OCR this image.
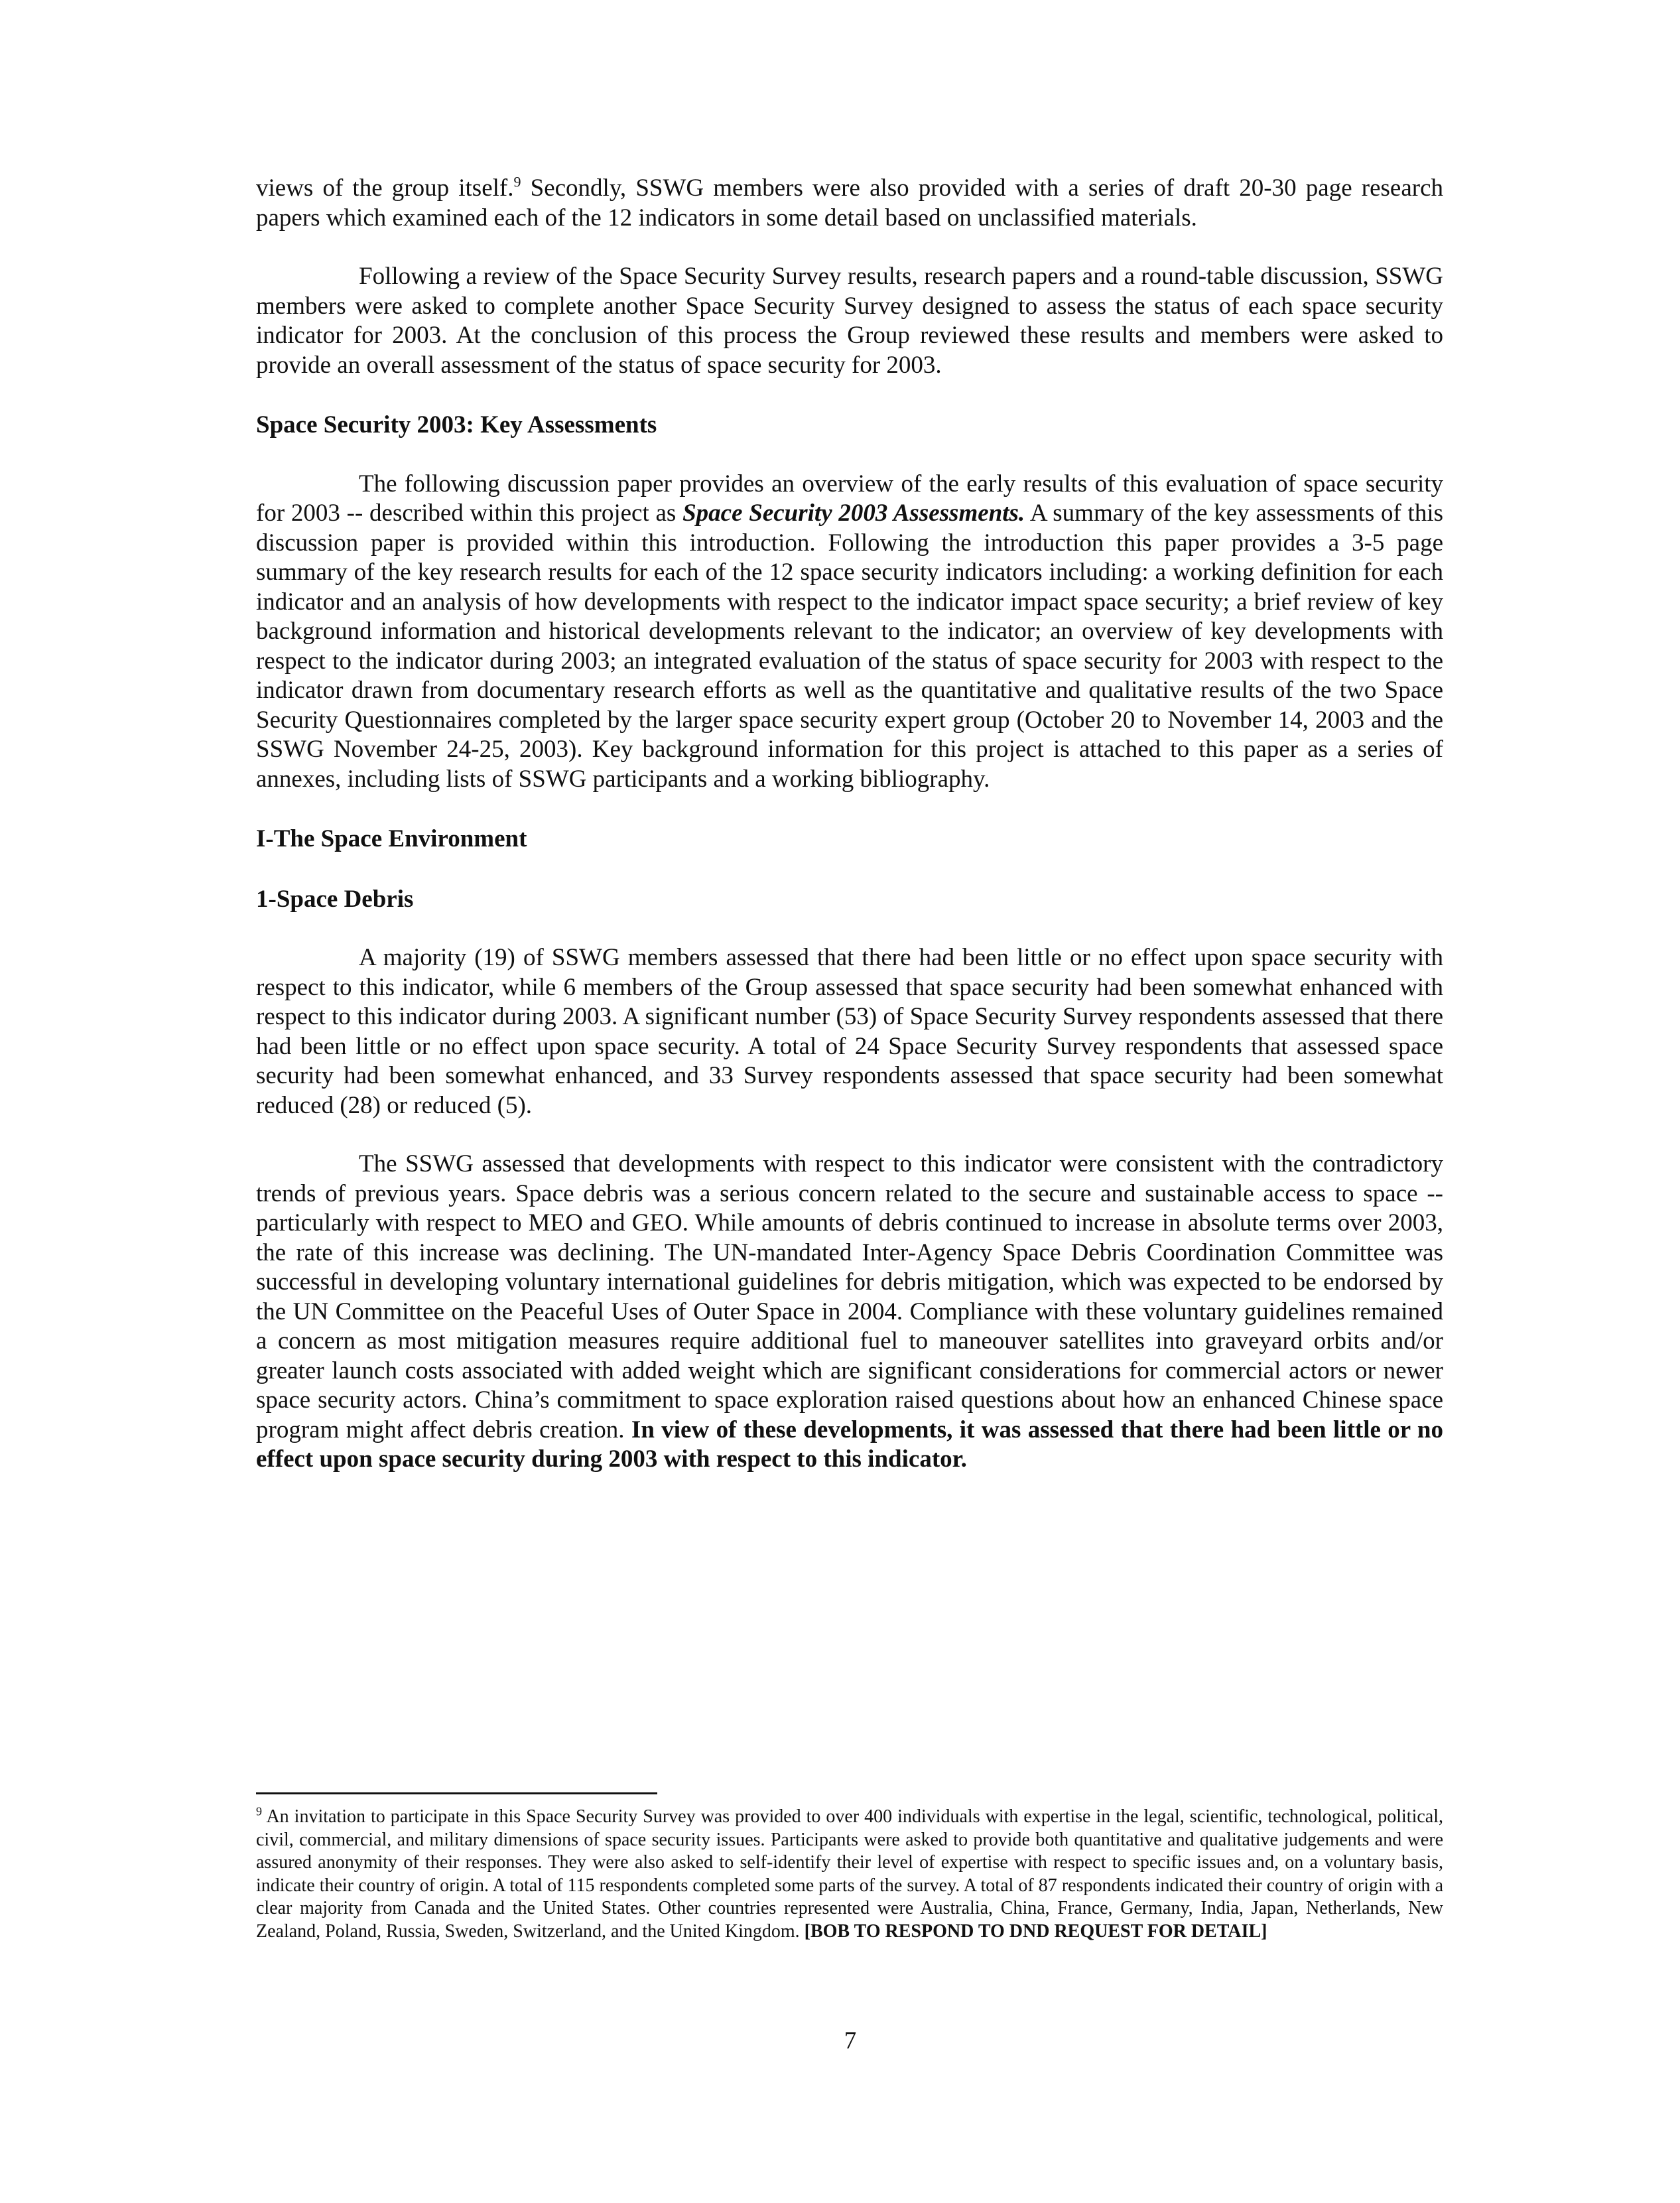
views of the group itself.$^9$ Secondly, SSWG members were also provided with a series of draft 20-30 page research papers which examined each of the 12 indicators in some detail based on unclassified materials.

Following a review of the Space Security Survey results, research papers and a round-table discussion, SSWG members were asked to complete another Space Security Survey designed to assess the status of each space security indicator for 2003. At the conclusion of this process the Group reviewed these results and members were asked to provide an overall assessment of the status of space security for 2003.

Space Security 2003: Key Assessments

The following discussion paper provides an overview of the early results of this evaluation of space security for 2003 -- described within this project as Space Security 2003 Assessments. A summary of the key assessments of this discussion paper is provided within this introduction. Following the introduction this paper provides a 3-5 page summary of the key research results for each of the 12 space security indicators including: a working definition for each indicator and an analysis of how developments with respect to the indicator impact space security; a brief review of key background information and historical developments relevant to the indicator; an overview of key developments with respect to the indicator during 2003; an integrated evaluation of the status of space security for 2003 with respect to the indicator drawn from documentary research efforts as well as the quantitative and qualitative results of the two Space Security Questionnaires completed by the larger space security expert group (October 20 to November 14, 2003 and the SSWG November 24-25, 2003). Key background information for this project is attached to this paper as a series of annexes, including lists of SSWG participants and a working bibliography.

I-The Space Environment
1-Space Debris

A majority (19) of SSWG members assessed that there had been little or no effect upon space security with respect to this indicator, while 6 members of the Group assessed that space security had been somewhat enhanced with respect to this indicator during 2003. A significant number (53) of Space Security Survey respondents assessed that there had been little or no effect upon space security. A total of 24 Space Security Survey respondents that assessed space security had been somewhat enhanced, and 33 Survey respondents assessed that space security had been somewhat reduced (28) or reduced (5).

The SSWG assessed that developments with respect to this indicator were consistent with the contradictory trends of previous years. Space debris was a serious concern related to the secure and sustainable access to space -- particularly with respect to MEO and GEO. While amounts of debris continued to increase in absolute terms over 2003, the rate of this increase was declining. The UN-mandated Inter-Agency Space Debris Coordination Committee was successful in developing voluntary international guidelines for debris mitigation, which was expected to be endorsed by the UN Committee on the Peaceful Uses of Outer Space in 2004. Compliance with these voluntary guidelines remained a concern as most mitigation measures require additional fuel to maneouver satellites into graveyard orbits and/or greater launch costs associated with added weight which are significant considerations for commercial actors or newer space security actors. China’s commitment to space exploration raised questions about how an enhanced Chinese space program might affect debris creation. In view of these developments, it was assessed that there had been little or no effect upon space security during 2003 with respect to this indicator.

$^9$ An invitation to participate in this Space Security Survey was provided to over 400 individuals with expertise in the legal, scientific, technological, political, civil, commercial, and military dimensions of space security issues. Participants were asked to provide both quantitative and qualitative judgements and were assured anonymity of their responses. They were also asked to self-identify their level of expertise with respect to specific issues and, on a voluntary basis, indicate their country of origin. A total of 115 respondents completed some parts of the survey. A total of 87 respondents indicated their country of origin with a clear majority from Canada and the United States. Other countries represented were Australia, China, France, Germany, India, Japan, Netherlands, New Zealand, Poland, Russia, Sweden, Switzerland, and the United Kingdom. [BOB TO RESPOND TO DND REQUEST FOR DETAIL]
7
